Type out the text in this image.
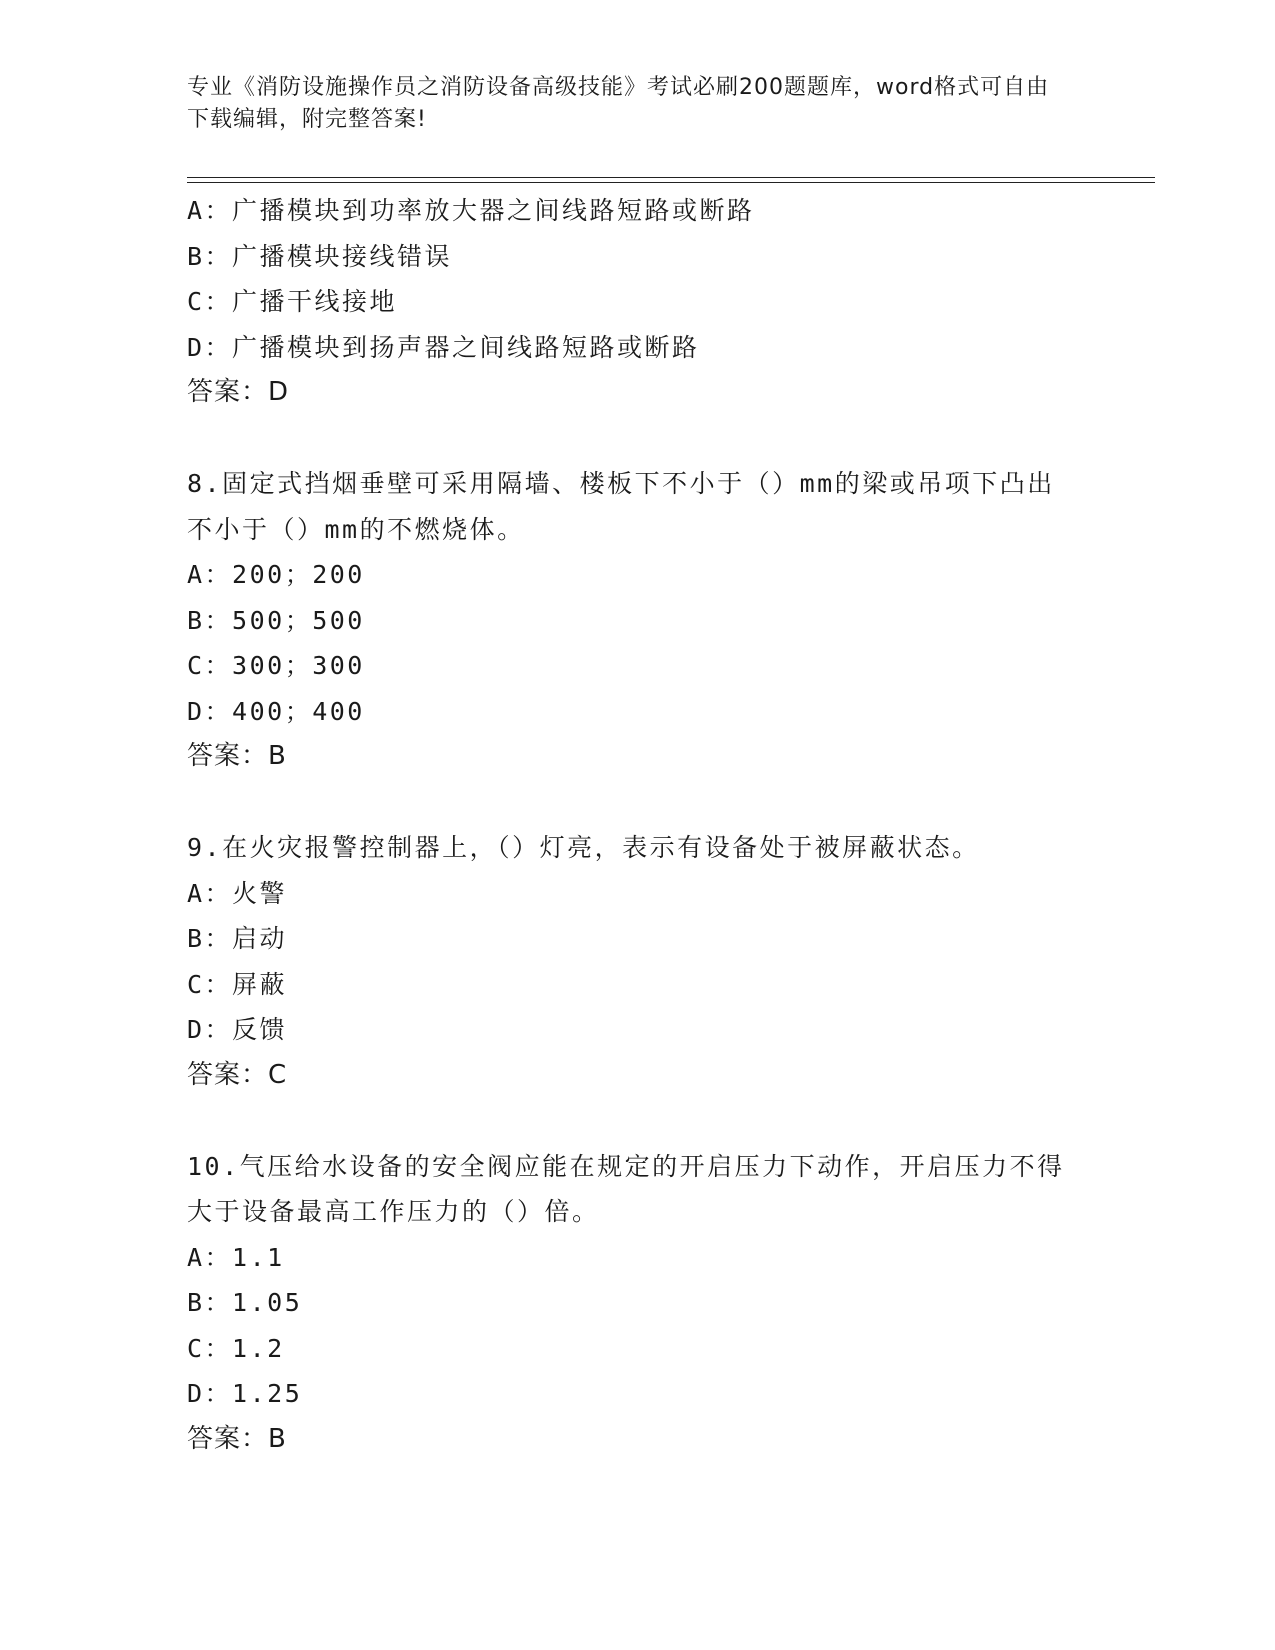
专业《消防设施操作员之消防设备高级技能》考试必刷200题题库，word格式可自由下载编辑，附完整答案!
A：广播模块到功率放大器之间线路短路或断路
B：广播模块接线错误
C：广播干线接地
D：广播模块到扬声器之间线路短路或断路
答案：D
8.固定式挡烟垂壁可采用隔墙、楼板下不小于（）mm的梁或吊项下凸出不小于（）mm的不燃烧体。
A：200；200
B：500；500
C：300；300
D：400；400
答案：B
9.在火灾报警控制器上，（）灯亮，表示有设备处于被屏蔽状态。
A：火警
B：启动
C：屏蔽
D：反馈
答案：C
10.气压给水设备的安全阀应能在规定的开启压力下动作，开启压力不得大于设备最高工作压力的（）倍。
A：1.1
B：1.05
C：1.2
D：1.25
答案：B
